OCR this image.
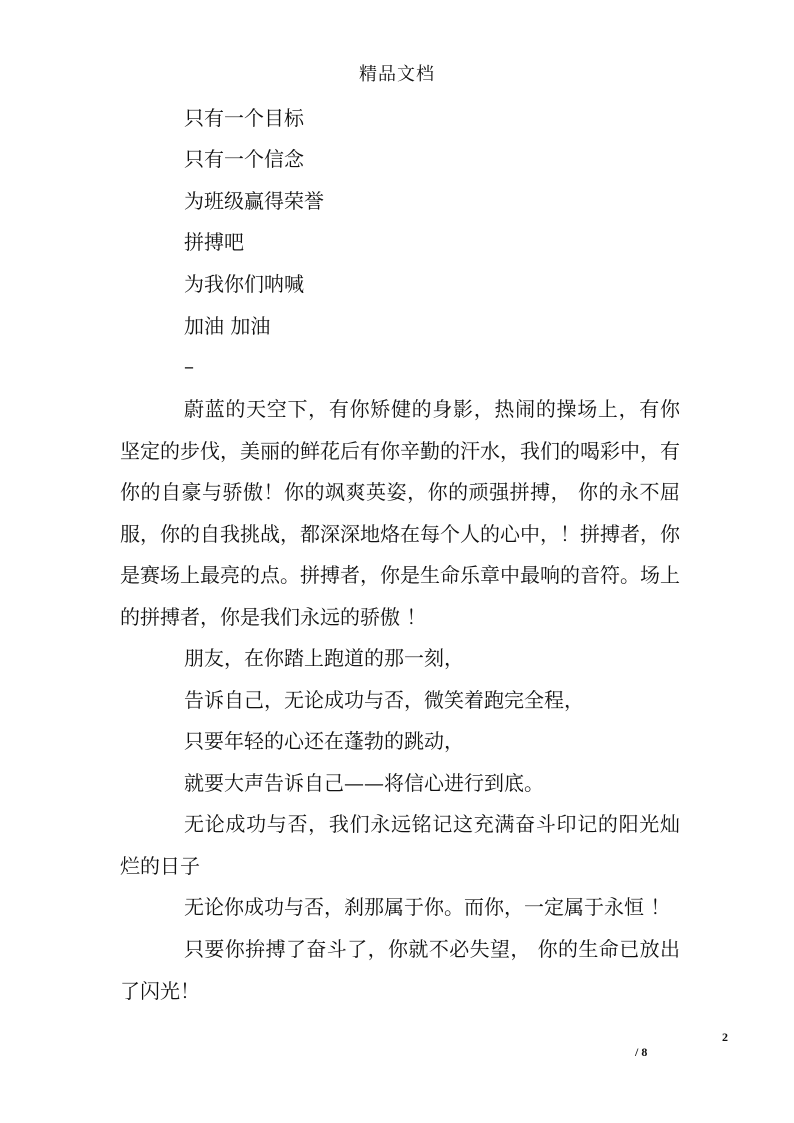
精品文档
只有一个目标
只有一个信念
为班级赢得荣誉
拼搏吧
为我你们呐喊
加油 加油
–
蔚蓝的天空下，有你矫健的身影，热闹的操场上，有你坚定的步伐，美丽的鲜花后有你辛勤的汗水，我们的喝彩中，有你的自豪与骄傲！你的飒爽英姿，你的顽强拼搏， 你的永不屈服，你的自我挑战，都深深地烙在每个人的心中，！拼搏者，你是赛场上最亮的点。拼搏者，你是生命乐章中最响的音符。场上的拼搏者，你是我们永远的骄傲 ！
朋友，在你踏上跑道的那一刻，
告诉自己，无论成功与否，微笑着跑完全程，
只要年轻的心还在蓬勃的跳动，
就要大声告诉自己——将信心进行到底。
无论成功与否，我们永远铭记这充满奋斗印记的阳光灿烂的日子
无论你成功与否，刹那属于你。而你，一定属于永恒 ！
只要你拚搏了奋斗了，你就不必失望， 你的生命已放出了闪光！
2
/ 8
